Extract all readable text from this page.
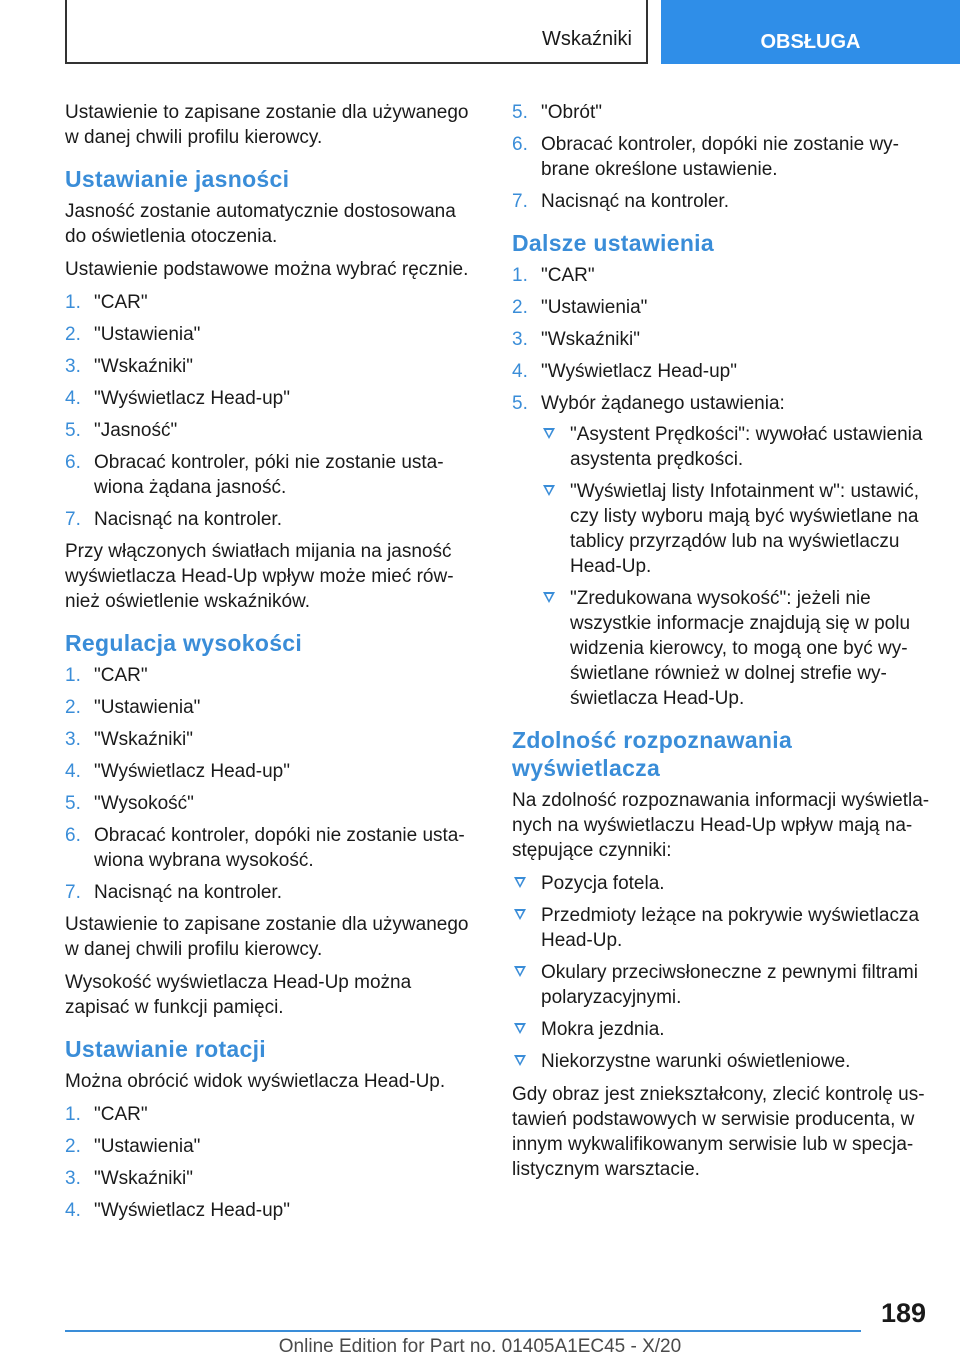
Wskaźniki	OBSŁUGA

Ustawienie to zapisane zostanie dla używanego w danej chwili profilu kierowcy.

Ustawianie jasności

Jasność zostanie automatycznie dostosowana do oświetlenia otoczenia.

Ustawienie podstawowe można wybrać ręcznie.

1. "CAR"
2. "Ustawienia"
3. "Wskaźniki"
4. "Wyświetlacz Head-up"
5. "Jasność"
6. Obracać kontroler, póki nie zostanie usta- wiona żądana jasność.
7. Nacisnąć na kontroler.

Przy włączonych światłach mijania na jasność wyświetlacza Head-Up wpływ może mieć rów- nież oświetlenie wskaźników.

Regulacja wysokości
1. "CAR"
2. "Ustawienia"
3. "Wskaźniki"
4. "Wyświetlacz Head-up"
5. "Wysokość"
6. Obracać kontroler, dopóki nie zostanie usta- wiona wybrana wysokość.
7. Nacisnąć na kontroler.

Ustawienie to zapisane zostanie dla używanego w danej chwili profilu kierowcy.

Wysokość wyświetlacza Head-Up można zapisać w funkcji pamięci.

Ustawianie rotacji

Można obrócić widok wyświetlacza Head-Up.

1. "CAR"
2. "Ustawienia"
3. "Wskaźniki"
4. "Wyświetlacz Head-up"
5. "Obrót"
6. Obracać kontroler, dopóki nie zostanie wy- brane określone ustawienie.
7. Nacisnąć na kontroler.
Dalsze ustawienia
1. "CAR"
2. "Ustawienia"
3. "Wskaźniki"
4. "Wyświetlacz Head-up"
5. Wybór żądanego ustawienia:
"Asystent Prędkości": wywołać ustawienia asystenta prędkości.
"Wyświetlaj listy Infotainment w": ustawić, czy listy wyboru mają być wyświetlane na tablicy przyrządów lub na wyświetlaczu Head-Up.
"Zredukowana wysokość": jeżeli nie wszystkie informacje znajdują się w polu widzenia kierowcy, to mogą one być wy- świetlane również w dolnej strefie wy- świetlacza Head-Up.
Zdolność rozpoznawania wyświetlacza

Na zdolność rozpoznawania informacji wyświetla- nych na wyświetlaczu Head-Up wpływ mają na- stępujące czynniki:

Pozycja fotela.
Przedmioty leżące na pokrywie wyświetlacza Head-Up.
Okulary przeciwsłoneczne z pewnymi filtrami polaryzacyjnymi.
Mokra jezdnia.
Niekorzystne warunki oświetleniowe.

Gdy obraz jest zniekształcony, zlecić kontrolę us- tawień podstawowych w serwisie producenta, w innym wykwalifikowanym serwisie lub w specja- listycznym warsztacie.

189
Online Edition for Part no. 01405A1EC45 - X/20
